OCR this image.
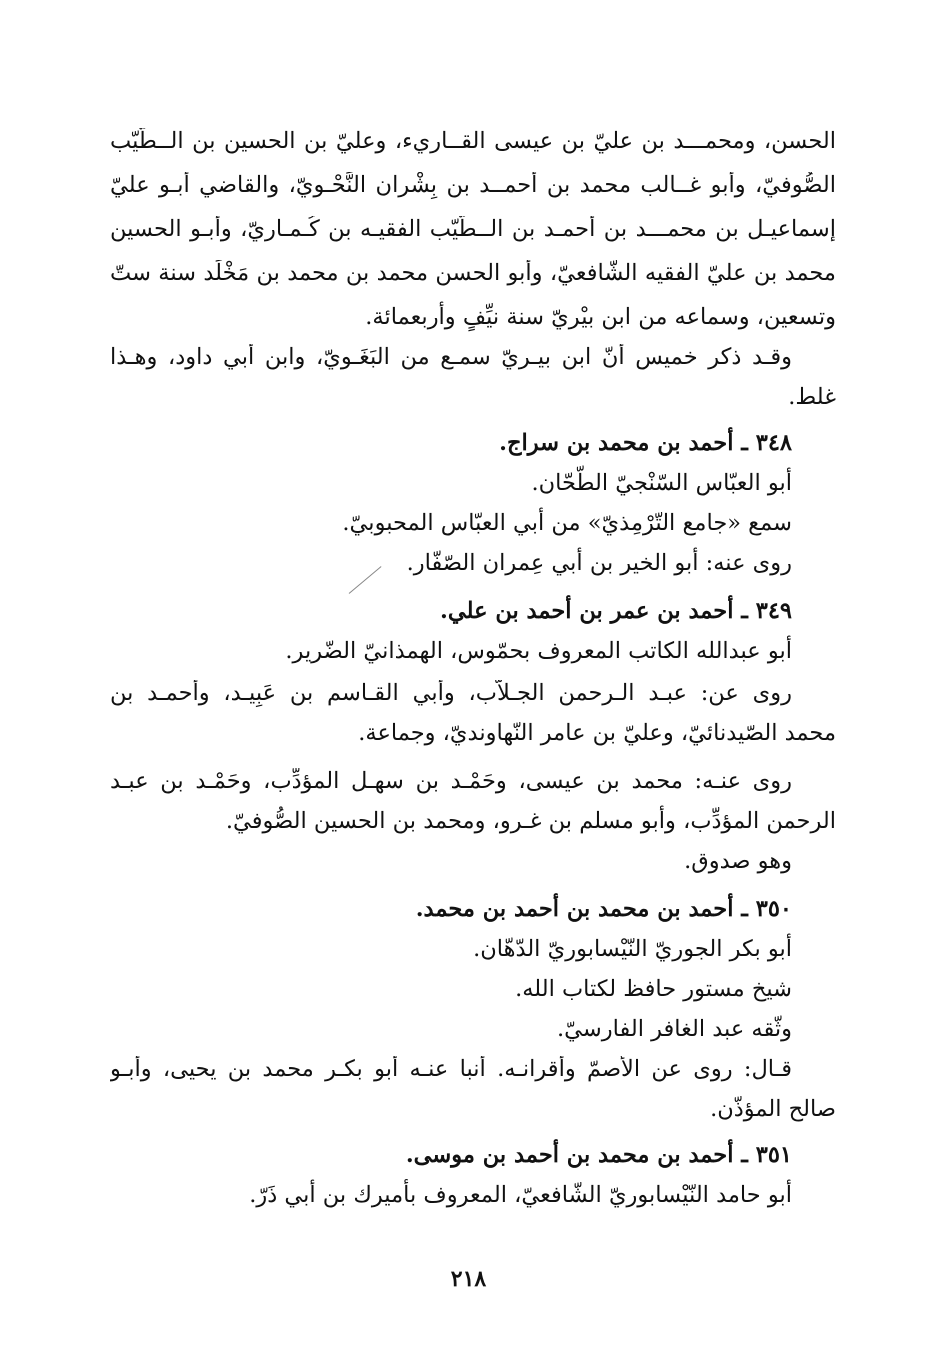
الحسن، ومحمـــد بن عليّ بن عيسى القــاريء، وعليّ بن الحسين بن الــطّيّب
الصُّوفيّ، وأبو غــالب محمد بن أحمــد بن بِشْران النَّحْـويّ، والقاضي أبـو عليّ
إسماعيـل بن محمـــد بن أحمـد بن الــطّيّب الفقيـه بن كُـمـاريّ، وأبـو الحسين
محمد بن عليّ الفقيه الشّافعيّ، وأبو الحسن محمد بن محمد بن مَخْلَد سنة ستّ
وتسعين، وسماعه من ابن بيْريّ سنة نيِّفٍ وأربعمائة.
وقـد ذكر خميس أنّ ابن بيـريّ سمـع من البَغَـويّ، وابن أبي داود، وهـذا
غلط.
٣٤٨ ـ أحمد بن محمد بن سراج.
أبو العبّاس السّنْجيّ الطّحّان.
سمع «جامع التّرْمِذيّ» من أبي العبّاس المحبوبيّ.
روى عنه: أبو الخير بن أبي عِمران الصّفّار.
٣٤٩ ـ أحمد بن عمر بن أحمد بن علي.
أبو عبدالله الكاتب المعروف بحمّوس، الهمذانيّ الضّرير.
روى عن: عبـد الـرحمن الجـلاّب، وأبي القـاسم بن عَبِيـد، وأحمـد بن
محمد الصّيدنائيّ، وعليّ بن عامر النّهاونديّ، وجماعة.
روى عنـه: محمد بن عيسى، وحَمْـد بن سهـل المؤدِّب، وحَمْـد بن عبـد
الرحمن المؤدِّب، وأبو مسلم بن غـرو، ومحمد بن الحسين الصُّوفيّ.
وهو صدوق.
٣٥٠ ـ أحمد بن محمد بن أحمد بن محمد.
أبو بكر الجوريّ النّيْسابوريّ الدّهّان.
شيخ مستور حافظ لكتاب الله.
وثّقه عبد الغافر الفارسيّ.
قـال: روى عن الأصمّ وأقرانـه. أنبا عنـه أبو بكـر محمد بن يحيى، وأبـو
صالح المؤذّن.
٣٥١ ـ أحمد بن محمد بن أحمد بن موسى.
أبو حامد النّيْسابوريّ الشّافعيّ، المعروف بأميرك بن أبي ذَرّ.
٢١٨
